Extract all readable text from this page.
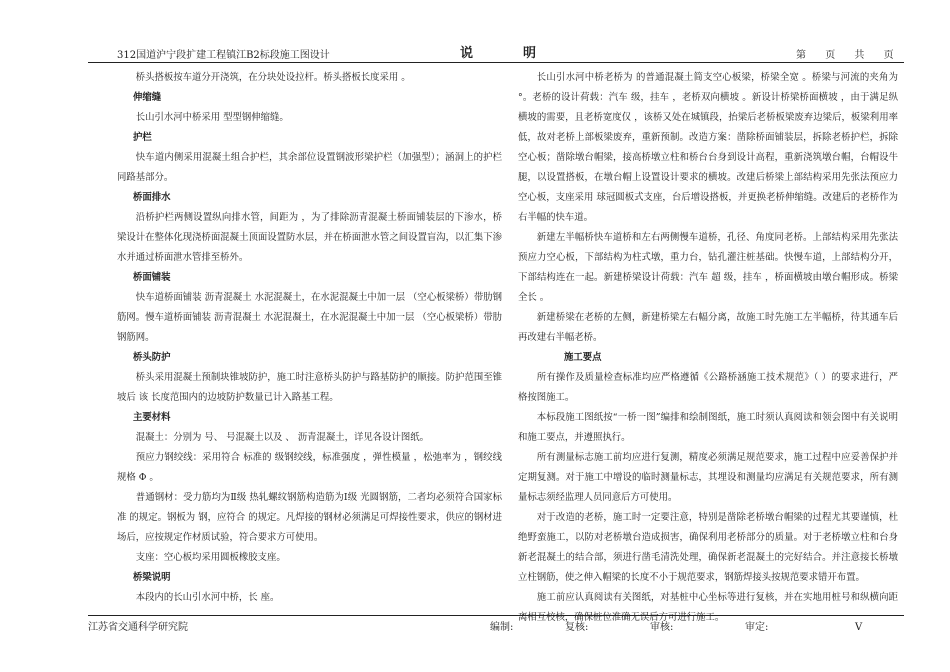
312国道沪宁段扩建工程镇江B2标段施工图设计	说	明	第 页 共 页

桥头搭板按车道分开浇筑，在分块处设拉杆。桥头搭板长度采用 。

伸缩缝

长山引水河中桥采用 型型钢伸缩缝。

护栏

快车道内侧采用混凝土组合护栏，其余部位设置钢波形梁护栏（加强型）；涵洞上的护栏同路基部分。

桥面排水

沿桥护栏两侧设置纵向排水管，间距为 ，为了排除沥青混凝土桥面铺装层的下渗水，桥梁设计在整体化现浇桥面混凝土顶面设置防水层，并在桥面泄水管之间设置盲沟，以汇集下渗水并通过桥面泄水管排至桥外。

桥面铺装

快车道桥面铺装 沥青混凝土 水泥混凝土，在水泥混凝土中加一层 （空心板梁桥）带肋钢筋网。慢车道桥面铺装 沥青混凝土 水泥混凝土，在水泥混凝土中加一层 （空心板梁桥）带肋钢筋网。

桥头防护

桥头采用混凝土预制块锥坡防护，施工时注意桥头防护与路基防护的顺接。防护范围至锥坡后 该 长度范围内的边坡防护数量已计入路基工程。

主要材料

混凝土：分别为 号、 号混凝土以及 、 沥青混凝土，详见各设计图纸。

预应力钢绞线：采用符合 标准的 级钢绞线，标准强度 ，弹性模量 ，松弛率为 ，钢绞线规格 Φ 。

普通钢材：受力筋均为Ⅱ级 热轧螺纹钢筋构造筋为Ⅰ级 光圆钢筋，二者均必须符合国家标准 的规定。钢板为 钢，应符合 的规定。凡焊接的钢材必须满足可焊接性要求，供应的钢材进场后，应按规定作材质试验，符合要求方可使用。

支座：空心板均采用圆板橡胶支座。

桥梁说明

本段内的长山引水河中桥，长 座。

长山引水河中桥老桥为 的普通混凝土简支空心板梁，桥梁全宽 。桥梁与河流的夹角为 °。老桥的设计荷载：汽车 级，挂车 ，老桥双向横坡 。新设计桥梁桥面横坡 ，由于满足纵横坡的需要，且老桥宽度仅 ，该桥又处在城镇段，抬梁后老桥板梁废弃边梁后，板梁利用率低，故对老桥上部板梁废弃，重新预制。改造方案：凿除桥面铺装层，拆除老桥护栏，拆除空心板；凿除墩台帽梁，接高桥墩立柱和桥台台身到设计高程，重新浇筑墩台帽，台帽设牛腿，以设置搭板，在墩台帽上设置设计要求的横坡。改建后桥梁上部结构采用先张法预应力空心板，支座采用 球冠圆板式支座，台后增设搭板，并更换老桥伸缩缝。改建后的老桥作为右半幅的快车道。

新建左半幅桥快车道桥和左右两侧慢车道桥，孔径、角度同老桥。上部结构采用先张法预应力空心板，下部结构为柱式墩，重力台，钻孔灌注桩基础。快慢车道，上部结构分开，下部结构连在一起。新建桥梁设计荷载：汽车 超 级，挂车 ，桥面横坡由墩台帽形成。桥梁全长 。

新建桥梁在老桥的左侧，新建桥梁左右幅分离，故施工时先施工左半幅桥，待其通车后再改建右半幅老桥。

施工要点

所有操作及质量检查标准均应严格遵循《公路桥涵施工技术规范》（ ）的要求进行，严格按图施工。

本标段施工图纸按“一桥一图”编排和绘制图纸，施工时须认真阅读和领会图中有关说明和施工要点，并遵照执行。

所有测量标志施工前均应进行复测，精度必须满足规范要求，施工过程中应妥善保护并定期复测。对于施工中增设的临时测量标志，其埋设和测量均应满足有关规范要求，所有测量标志须经监理人员同意后方可使用。

对于改造的老桥，施工时一定要注意，特别是凿除老桥墩台帽梁的过程尤其要谨慎，杜绝野蛮施工，以防对老桥墩台造成损害，确保利用老桥部分的质量。对于老桥墩立柱和台身新老混凝土的结合部，须进行凿毛清洗处理，确保新老混凝土的完好结合。并注意接长桥墩立柱钢筋，使之伸入帽梁的长度不小于规范要求，钢筋焊接头按规范要求错开布置。

施工前应认真阅读有关图纸，对基桩中心坐标等进行复核，并在实地用桩号和纵横向距离相互校核，确保桩位准确无误后方可进行施工。

江苏省交通科学研究院	编制:	复核:	审核:	审定:	V
